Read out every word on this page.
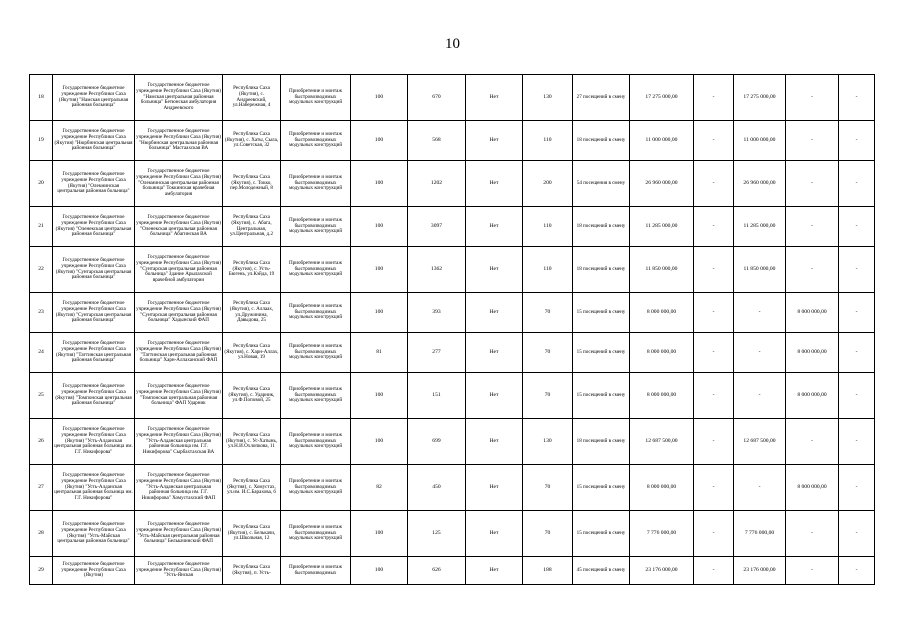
10
18	Государственное бюджетное учреждение Республики Саха (Якутия) "Намская центральная районная больница"	Государственное бюджетное учреждение Республики Саха (Якутия) "Намская центральная районная больница" Бетюнская амбулатория Андреевского	Республика Саха (Якутия), с. Андреевский, ул.Набережная, 4	Приобретение и монтаж быстровозводимых модульных конструкций	100	670	Нет	130	27 посещений в смену	17 275 000,00	-	17 275 000,00	-	-
19	Государственное бюджетное учреждение Республики Саха (Якутия) "Нюрбинская центральная районная больница"	Государственное бюджетное учреждение Республики Саха (Якутия) "Нюрбинская центральная районная больница" Мастаахская ВА	Республика Саха (Якутия), с. Хаты, Сыла, ул.Советская, 32	Приобретение и монтаж быстровозводимых модульных конструкций	100	568	Нет	110	18 посещений в смену	11 000 000,00	-	11 000 000,00	-	-
20	Государственное бюджетное учреждение Республики Саха (Якутия) "Олекминская центральная районная больница"	Государственное бюджетное учреждение Республики Саха (Якутия) "Олекминская центральная районная больница" Токкинская врачебная амбулатория	Республика Саха (Якутия), с. Токко, пер.Молодежный, 8	Приобретение и монтаж быстровозводимых модульных конструкций	100	1202	Нет	200	54 посещения в смену	26 960 000,00	-	26 960 000,00	-	-
21	Государственное бюджетное учреждение Республики Саха (Якутия) "Оленекская центральная районная больница"	Государственное бюджетное учреждение Республики Саха (Якутия) "Оленекская центральная районная больница" Абагинская ВА	Республика Саха (Якутия), с. Абага, Центральная, ул.Центральная, д.2	Приобретение и монтаж быстровозводимых модульных конструкций	100	3097	Нет	110	18 посещений в смену	11 285 000,00	-	11 285 000,00	-	-
22	Государственное бюджетное учреждение Республики Саха (Якутия) "Сунтарская центральная районная больница"	Государственное бюджетное учреждение Республики Саха (Якутия) "Сунтарская центральная районная больница" Здание Арылахской врачебной амбулатории	Республика Саха (Якутия), с. Усть-Бюгень, ул.Кэйда, 19	Приобретение и монтаж быстровозводимых модульных конструкций	100	1362	Нет	110	18 посещений в смену	11 850 000,00	-	11 850 000,00	-	-
23	Государственное бюджетное учреждение Республики Саха (Якутия) "Сунтарская центральная районная больница"	Государственное бюджетное учреждение Республики Саха (Якутия) "Сунтарская центральная районная больница" Хадынский ФАП	Республика Саха (Якутия), с. Аллаах, ул.Дружинина, Давыдова, 25	Приобретение и монтаж быстровозводимых модульных конструкций	100	393	Нет	70	15 посещений в смену	8 000 000,00	-	-	8 000 000,00	-
24	Государственное бюджетное учреждение Республики Саха (Якутия) "Таттинская центральная районная больница"	Государственное бюджетное учреждение Республики Саха (Якутия) "Таттинская центральная районная больница" Харн-Аллаханский ФАП	Республика Саха (Якутия), с. Харн-Аллах, ул.Новая, 19	Приобретение и монтаж быстровозводимых модульных конструкций	81	277	Нет	70	15 посещений в смену	8 000 000,00	-	-	8 000 000,00	-
25	Государственное бюджетное учреждение Республики Саха (Якутия) "Томпонская центральная районная больница"	Государственное бюджетное учреждение Республики Саха (Якутия) "Томпонская центральная районная больница" ФАП Ударник	Республика Саха (Якутия), с. Ударник, ул.Ф.Поповой, 25	Приобретение и монтаж быстровозводимых модульных конструкций	100	151	Нет	70	15 посещений в смену	8 000 000,00	-	-	8 000 000,00	-
26	Государственное бюджетное учреждение Республики Саха (Якутия) "Усть-Алданская центральная районная больница им. Г.Г. Никифорова"	Государственное бюджетное учреждение Республики Саха (Якутия) "Усть-Алданская центральная районная больница им. Г.Г. Никифорова" Сырбахтахская ВА	Республика Саха (Якутия), с. Ус-Хатынь, ул.Н.И.Охлопкова, 11	Приобретение и монтаж быстровозводимых модульных конструкций	100	699	Нет	130	18 посещений в смену	12 687 500,00	-	12 687 500,00	-	-
27	Государственное бюджетное учреждение Республики Саха (Якутия) "Усть-Алданская центральная районная больница им. Г.Г. Никифорова"	Государственное бюджетное учреждение Республики Саха (Якутия) "Усть-Алданская центральная районная больница им. Г.Г. Никифорова" Хомустахский ФАП	Республика Саха (Якутия), с. Хомустах, ул.им. И.С.Барахова, 6	Приобретение и монтаж быстровозводимых модульных конструкций	82	450	Нет	70	15 посещений в смену	8 000 000,00	-	-	8 000 000,00	-
28	Государственное бюджетное учреждение Республики Саха (Якутия) "Усть-Майская центральная районная больница"	Государственное бюджетное учреждение Республики Саха (Якутия) "Усть-Майская центральная районная больница" Белькачинский ФАП	Республика Саха (Якутия), с. Белькачи, ул.Школьная, 12	Приобретение и монтаж быстровозводимых модульных конструкций	100	125	Нет	70	15 посещений в смену	7 776 000,00	-	7 776 000,00	-	-
29	Государственное бюджетное учреждение Республики Саха (Якутия)	Государственное бюджетное учреждение Республики Саха (Якутия) "Усть-Янская	Республика Саха (Якутия), п. Усть-	Приобретение и монтаж быстровозводимых	100	626	Нет	188	45 посещений в смену	23 176 000,00	-	23 176 000,00	-	-
